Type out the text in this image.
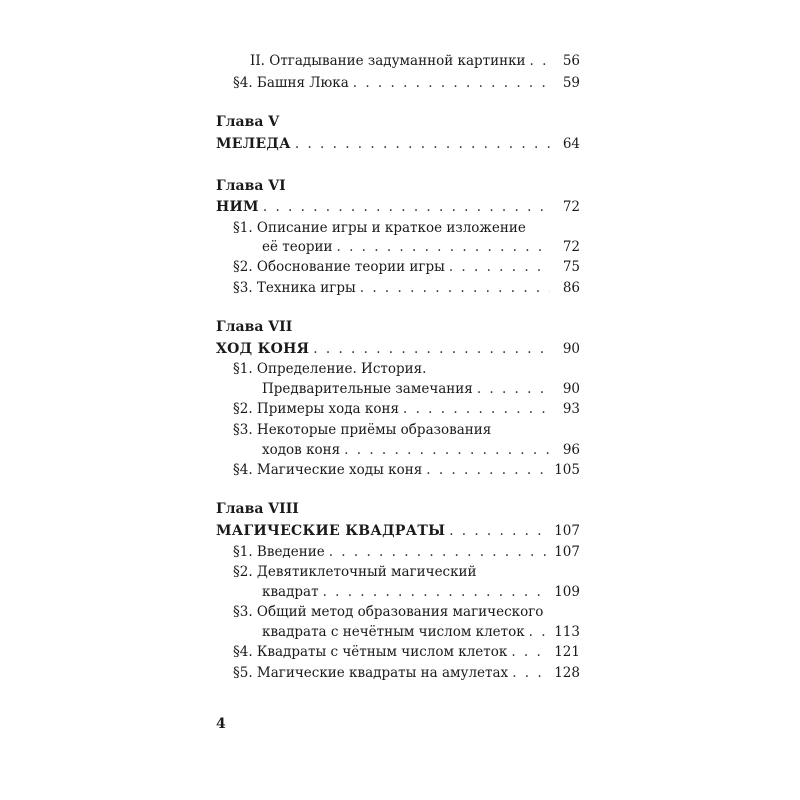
II. Отгадывание задуманной картинки . . .	56
§4. Башня Люка . . .	59
Глава V
МЕЛЕДА . . .	64
Глава VI
НИМ . . .	72
§1. Описание игры и краткое изложение
её теории . . .	72
§2. Обоснование теории игры . . .	75
§3. Техника игры . . .	86
Глава VII
ХОД КОНЯ . . .	90
§1. Определение. История.
Предварительные замечания . . .	90
§2. Примеры хода коня . . .	93
§3. Некоторые приёмы образования
ходов коня . . .	96
§4. Магические ходы коня . . .	105
Глава VIII
МАГИЧЕСКИЕ КВАДРАТЫ . . .	107
§1. Введение . . .	107
§2. Девятиклеточный магический
квадрат . . .	109
§3. Общий метод образования магического
квадрата с нечётным числом клеток . . . 113
§4. Квадраты с чётным числом клеток . . .	121
§5. Магические квадраты на амулетах . . .	128
4
